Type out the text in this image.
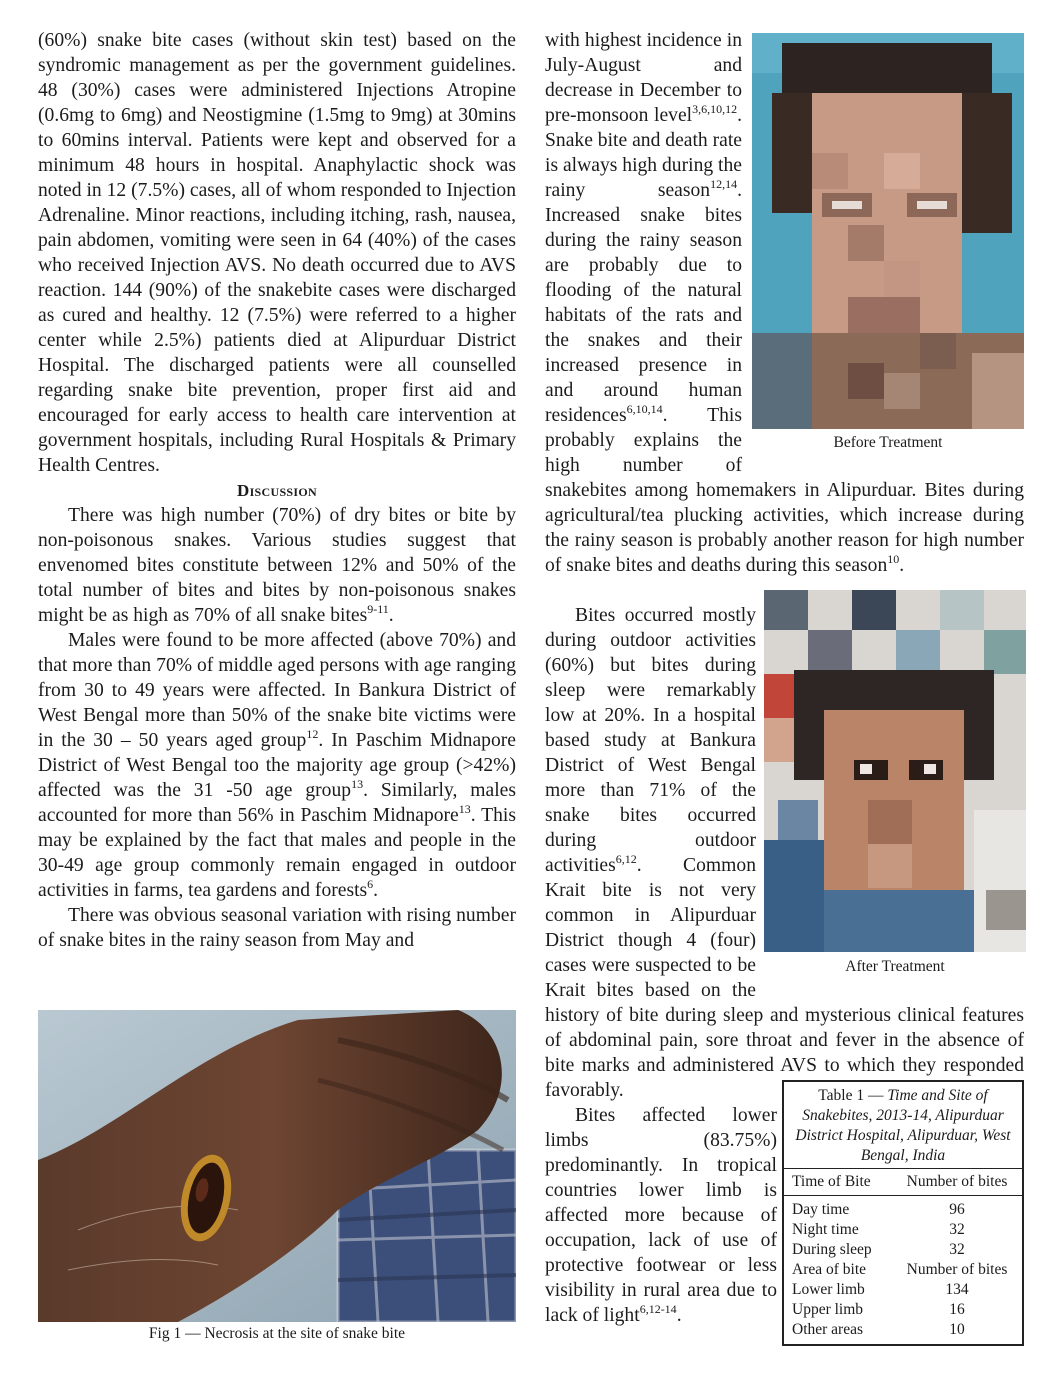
(60%) snake bite cases (without skin test) based on the syndromic management as per the government guidelines. 48 (30%) cases were administered Injections Atropine (0.6mg to 6mg) and Neostigmine (1.5mg to 9mg) at 30mins to 60mins interval. Patients were kept and observed for a minimum 48 hours in hospital. Anaphylactic shock was noted in 12 (7.5%) cases, all of whom responded to Injection Adrenaline. Minor reactions, including itching, rash, nausea, pain abdomen, vomiting were seen in 64 (40%) of the cases who received Injection AVS. No death occurred due to AVS reaction. 144 (90%) of the snakebite cases were discharged as cured and healthy. 12 (7.5%) were referred to a higher center while 2.5%) patients died at Alipurduar District Hospital. The discharged patients were all counselled regarding snake bite prevention, proper first aid and encouraged for early access to health care intervention at government hospitals, including Rural Hospitals & Primary Health Centres.

Discussion

There was high number (70%) of dry bites or bite by non-poisonous snakes. Various studies suggest that envenomed bites constitute between 12% and 50% of the total number of bites and bites by non-poisonous snakes might be as high as 70% of all snake bites$^{9-11}$.

Males were found to be more affected (above 70%) and that more than 70% of middle aged persons with age ranging from 30 to 49 years were affected. In Bankura District of West Bengal more than 50% of the snake bite victims were in the 30 – 50 years aged group$^{12}$. In Paschim Midnapore District of West Bengal too the majority age group (>42%) affected was the 31 -50 age group$^{13}$. Similarly, males accounted for more than 56% in Paschim Midnapore$^{13}$. This may be explained by the fact that males and people in the 30-49 age group commonly remain engaged in outdoor activities in farms, tea gardens and forests$^6$.

There was obvious seasonal variation with rising number of snake bites in the rainy season from May and

Fig 1 — Necrosis at the site of snake bite

with highest incidence in July-August and decrease in December to pre-monsoon level$^{3,6,10,12}$. Snake bite and death rate is always high during the rainy season$^{12,14}$. Increased snake bites during the rainy season are probably due to flooding of the natural habitats of the rats and the snakes and their increased presence in and around human residences$^{6,10,14}$. This probably explains the high number of snakebites among homemakers in Alipurduar. Bites during agricultural/tea plucking activities, which increase during the rainy season is probably another reason for high number of snake bites and deaths during this season$^{10}$.

Bites occurred mostly during outdoor activities (60%) but bites during sleep were remarkably low at 20%. In a hospital based study at Bankura District of West Bengal more than 71% of the snake bites occurred during outdoor activities$^{6,12}$. Common Krait bite is not very common in Alipurduar District though 4 (four) cases were suspected to be Krait bites based on the history of bite during sleep and mysterious clinical features of abdominal pain, sore throat and fever in the absence of bite marks and administered AVS to which they responded favorably.

Bites affected lower limbs (83.75%) predominantly. In tropical countries lower limb is affected more because of occupation, lack of use of protective footwear or less visibility in rural area due to lack of light$^{6,12-14}$.

Before Treatment
After Treatment
Table 1 — Time and Site of Snakebites, 2013-14, Alipurduar District Hospital, Alipurduar, West Bengal, India
Time of Bite	Number of bites
Day time	96
Night time	32
During sleep	32
Area of bite	Number of bites
Lower limb	134
Upper limb	16
Other areas	10
